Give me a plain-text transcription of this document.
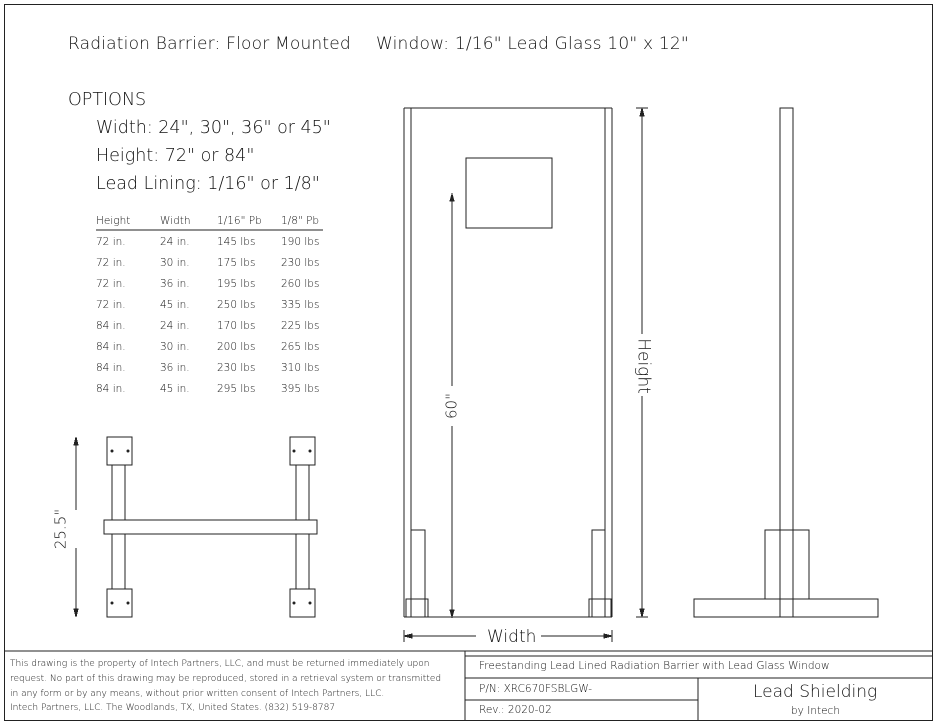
Radiation Barrier: Floor Mounted Window: 1/16" Lead Glass 10" x 12"
OPTIONS
Width: 24", 30", 36" or 45"
Height: 72" or 84"
Lead Lining: 1/16" or 1/8"
Height	Width	1/16" Pb 1/8" Pb
72 in.	24 in.	145 lbs 190 lbs
72 in.	30 in.	175 lbs 230 lbs
72 in.	36 in.	195 lbs 260 lbs
72 in.	45 in.	250 lbs 335 lbs
84 in.	24 in.	170 lbs 225 lbs
84 in.	30 in.	200 lbs 265 lbs
84 in.	36 in.	230 lbs 310 lbs
84 in.	45 in.	295 lbs 395 lbs
25.5"
60"
Height
Width
This drawing is the property of Intech Partners, LLC, and must be returned immediately upon
request. No part of this drawing may be reproduced, stored in a retrieval system or transmitted
in any form or by any means, without prior written consent of Intech Partners, LLC.
Intech Partners, LLC. The Woodlands, TX, United States. (832) 519-8787
Freestanding Lead Lined Radiation Barrier with Lead Glass Window
P/N: XRC670FSBLGW-
Rev.: 2020-02
Lead Shielding
by Intech
